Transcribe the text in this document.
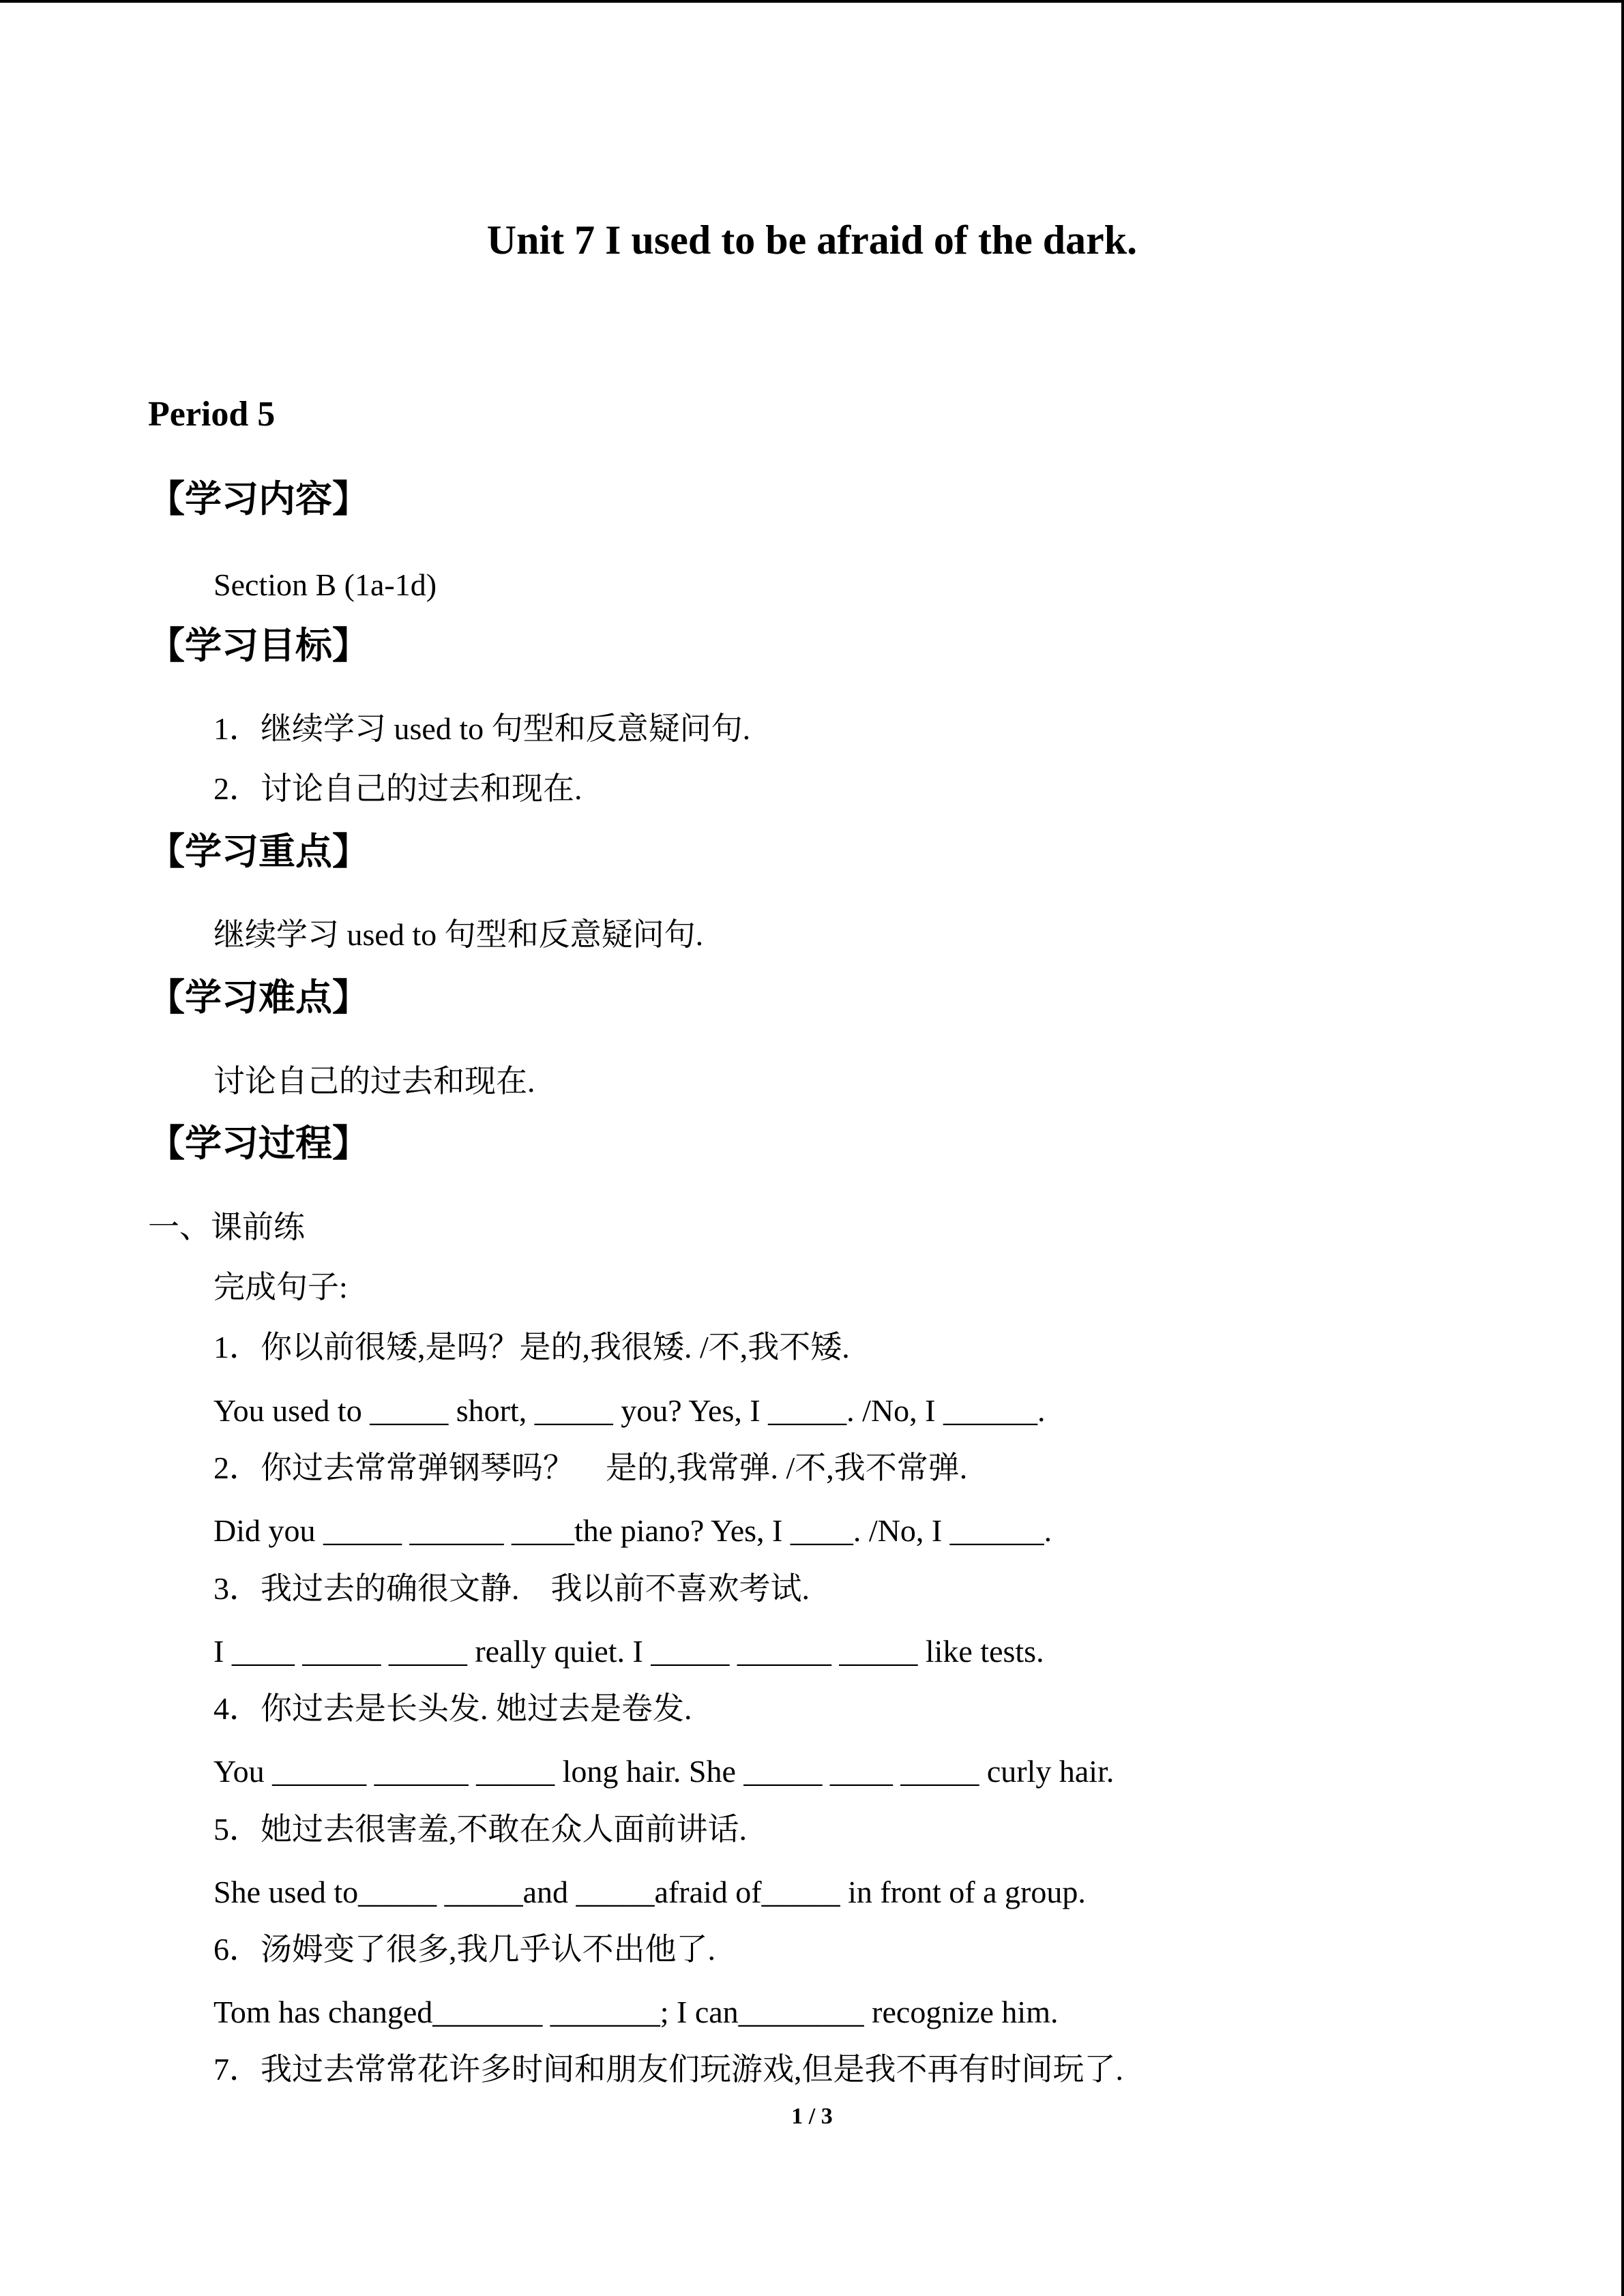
Unit 7 I used to be afraid of the dark.
Period 5
【学习内容】
Section B (1a-1d)
【学习目标】
1．继续学习 used to 句型和反意疑问句.
2．讨论自己的过去和现在.
【学习重点】
继续学习 used to 句型和反意疑问句.
【学习难点】
讨论自己的过去和现在.
【学习过程】
一、课前练
完成句子:
1．你以前很矮,是吗？是的,我很矮. /不,我不矮.
You used to _____ short, _____ you? Yes, I _____. /No, I ______.
2．你过去常常弹钢琴吗？　是的,我常弹. /不,我不常弹.
Did you _____ ______ ____the piano? Yes, I ____. /No, I ______.
3．我过去的确很文静.　我以前不喜欢考试.
I ____ _____ _____ really quiet. I _____ ______ _____ like tests.
4．你过去是长头发. 她过去是卷发.
You ______ ______ _____ long hair. She _____ ____ _____ curly hair.
5．她过去很害羞,不敢在众人面前讲话.
She used to_____ _____and _____afraid of_____ in front of a group.
6．汤姆变了很多,我几乎认不出他了.
Tom has changed_______ _______; I can________ recognize him.
7．我过去常常花许多时间和朋友们玩游戏,但是我不再有时间玩了.
1 / 3
